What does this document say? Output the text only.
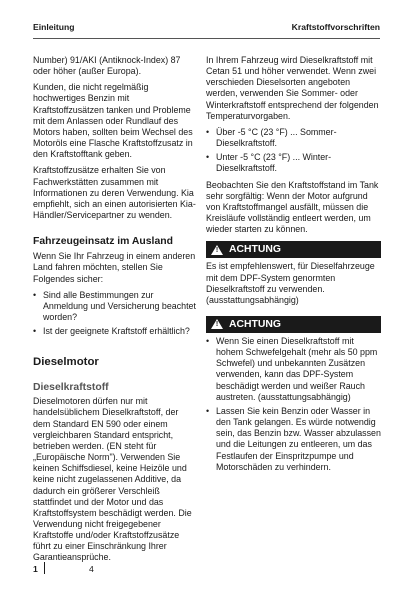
Einleitung	Kraftstoffvorschriften

Number) 91/AKI (Antiknock-Index) 87 oder höher (außer Europa).

Kunden, die nicht regelmäßig hochwertiges Benzin mit Kraftstoffzusätzen tanken und Probleme mit dem Anlassen oder Rundlauf des Motors haben, sollten beim Wechsel des Motoröls eine Flasche Kraftstoffzusatz in den Kraftstofftank geben.

Kraftstoffzusätze erhalten Sie von Fachwerkstätten zusammen mit Informationen zu deren Verwendung. Kia empfiehlt, sich an einen autorisierten Kia-Händler/Servicepartner zu wenden.

Fahrzeugeinsatz im Ausland

Wenn Sie Ihr Fahrzeug in einem anderen Land fahren möchten, stellen Sie Folgendes sicher:

• Sind alle Bestimmungen zur Anmeldung und Versicherung beachtet worden?
• Ist der geeignete Kraftstoff erhältlich?
Dieselmotor
Dieselkraftstoff

Dieselmotoren dürfen nur mit handelsüblichem Dieselkraftstoff, der dem Standard EN 590 oder einem vergleichbaren Standard entspricht, betrieben werden. (EN steht für „Europäische Norm"). Verwenden Sie keinen Schiffsdiesel, keine Heizöle und keine nicht zugelassenen Additive, da dadurch ein größerer Verschleiß stattfindet und der Motor und das Kraftstoffsystem beschädigt werden. Die Verwendung nicht freigegebener Kraftstoffe und/oder Kraftstoffzusätze führt zu einer Einschränkung Ihrer Garantieansprüche.

In Ihrem Fahrzeug wird Dieselkraftstoff mit Cetan 51 und höher verwendet. Wenn zwei verschieden Dieselsorten angeboten werden, verwenden Sie Sommer- oder Winterkraftstoff entsprechend der folgenden Temperaturvorgaben.

• Über -5 °C (23 °F) ... Sommer-Dieselkraftstoff.
• Unter -5 °C (23 °F) ... Winter-Dieselkraftstoff.

Beobachten Sie den Kraftstoffstand im Tank sehr sorgfältig: Wenn der Motor aufgrund von Kraftstoffmangel ausfällt, müssen die Kreisläufe vollständig entleert werden, um wieder starten zu können.

! ACHTUNG

Es ist empfehlenswert, für Dieselfahrzeuge mit dem DPF-System genormten Dieselkraftstoff zu verwenden. (ausstattungsabhängig)

! ACHTUNG
• Wenn Sie einen Dieselkraftstoff mit hohem Schwefelgehalt (mehr als 50 ppm Schwefel) und unbekannten Zusätzen verwenden, kann das DPF-System beschädigt werden und weißer Rauch austreten. (ausstattungsabhängig)
• Lassen Sie kein Benzin oder Wasser in den Tank gelangen. Es würde notwendig sein, das Benzin bzw. Wasser abzulassen und die Leitungen zu entleeren, um das Festlaufen der Einspritzpumpe und Motorschäden zu verhindern.
1	4
